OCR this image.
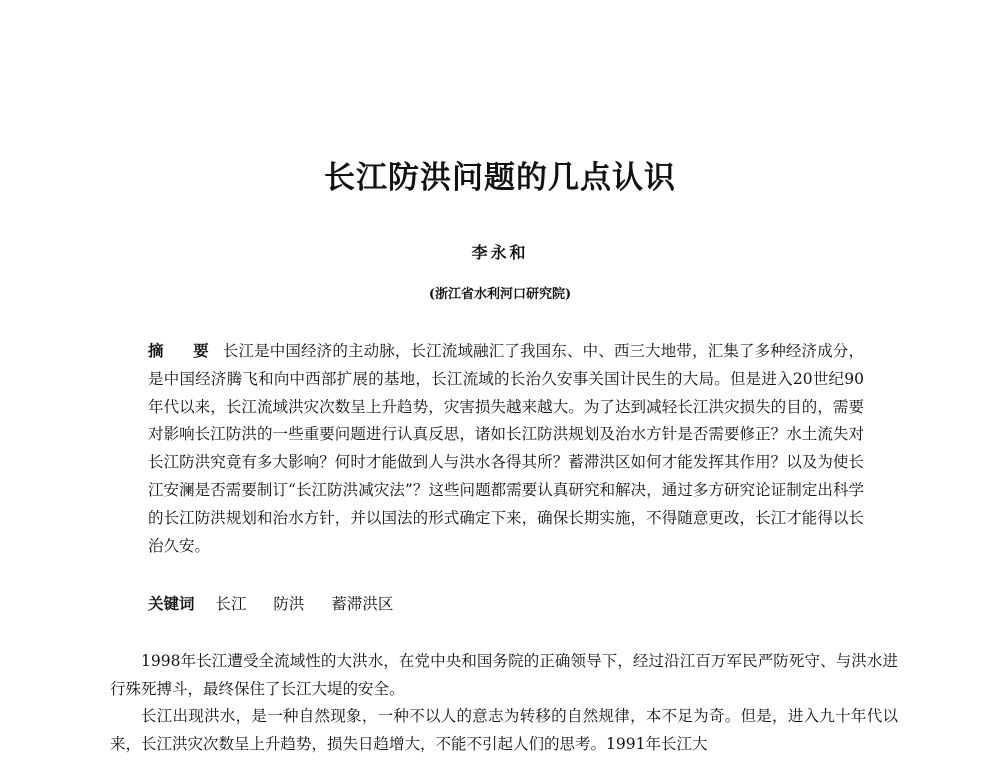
长江防洪问题的几点认识
李永和
(浙江省水利河口研究院)

摘 要 长江是中国经济的主动脉，长江流域融汇了我国东、中、西三大地带，汇集了多种经济成分，是中国经济腾飞和向中西部扩展的基地，长江流域的长治久安事关国计民生的大局。但是进入20世纪90年代以来，长江流域洪灾次数呈上升趋势，灾害损失越来越大。为了达到减轻长江洪灾损失的目的，需要对影响长江防洪的一些重要问题进行认真反思，诸如长江防洪规划及治水方针是否需要修正？水土流失对长江防洪究竟有多大影响？何时才能做到人与洪水各得其所？蓄滞洪区如何才能发挥其作用？以及为使长江安澜是否需要制订“长江防洪减灾法”？这些问题都需要认真研究和解决，通过多方研究论证制定出科学的长江防洪规划和治水方针，并以国法的形式确定下来，确保长期实施，不得随意更改，长江才能得以长治久安。

关键词 长江 防洪 蓄滞洪区

1998年长江遭受全流域性的大洪水，在党中央和国务院的正确领导下，经过沿江百万军民严防死守、与洪水进行殊死搏斗，最终保住了长江大堤的安全。

长江出现洪水，是一种自然现象，一种不以人的意志为转移的自然规律，本不足为奇。但是，进入九十年代以来，长江洪灾次数呈上升趋势，损失日趋增大，不能不引起人们的思考。1991年长江大
